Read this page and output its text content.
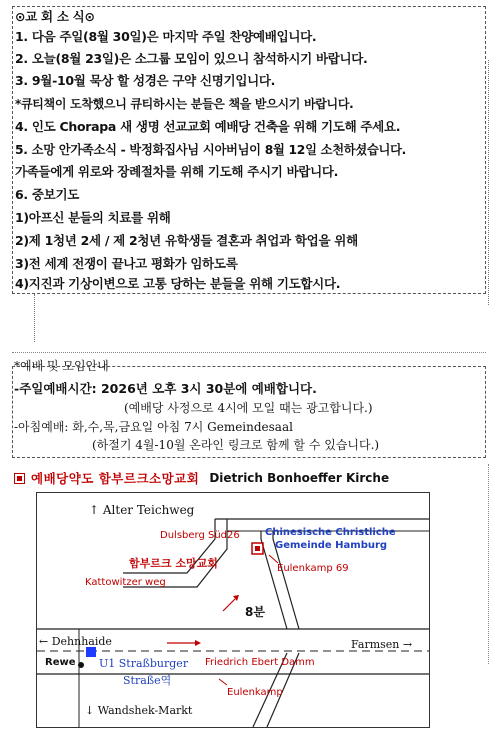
⊙교 회 소 식⊙
1. 다음 주일(8월 30일)은 마지막 주일 찬양예배입니다.
2. 오늘(8월 23일)은 소그룹 모임이 있으니 참석하시기 바랍니다.
3. 9월-10월 묵상 할 성경은 구약 신명기입니다.
*큐티책이 도착했으니 큐티하시는 분들은 책을 받으시기 바랍니다.
4. 인도 Chorapa 새 생명 선교교회 예배당 건축을 위해 기도해 주세요.
5. 소망 안가족소식 - 박정화집사님 시아버님이 8월 12일 소천하셨습니다.
가족들에게 위로와 장례절차를 위해 기도해 주시기 바랍니다.
6. 중보기도
1)아프신 분들의 치료를 위해
2)제 1청년 2세 / 제 2청년 유학생들 결혼과 취업과 학업을 위해
3)전 세계 전쟁이 끝나고 평화가 임하도록
4)지진과 기상이변으로 고통 당하는 분들을 위해 기도합시다.
*예배 및 모임안내
-주일예배시간: 2026년 오후 3시 30분에 예배합니다.
(예배당 사정으로 4시에 모일 때는 광고합니다.)
-아침예배: 화,수,목,금요일 아침 7시 Gemeindesaal
(하절기 4월-10월 온라인 링크로 함께 할 수 있습니다.)
예배당약도 함부르크소망교회 Dietrich Bonhoeffer Kirche
↑ Alter Teichweg
Dulsberg Süd26	Chinesische Christliche
Gemeinde Hamburg
함부르크 소망교회
Kattowitzer weg
Eulenkamp 69
8분
← Dehnhaide	Farmsen →
Rewe U1 Straßburger
Straße역
Friedrich Ebert Damm
Eulenkamp
↓ Wandshek-Markt
